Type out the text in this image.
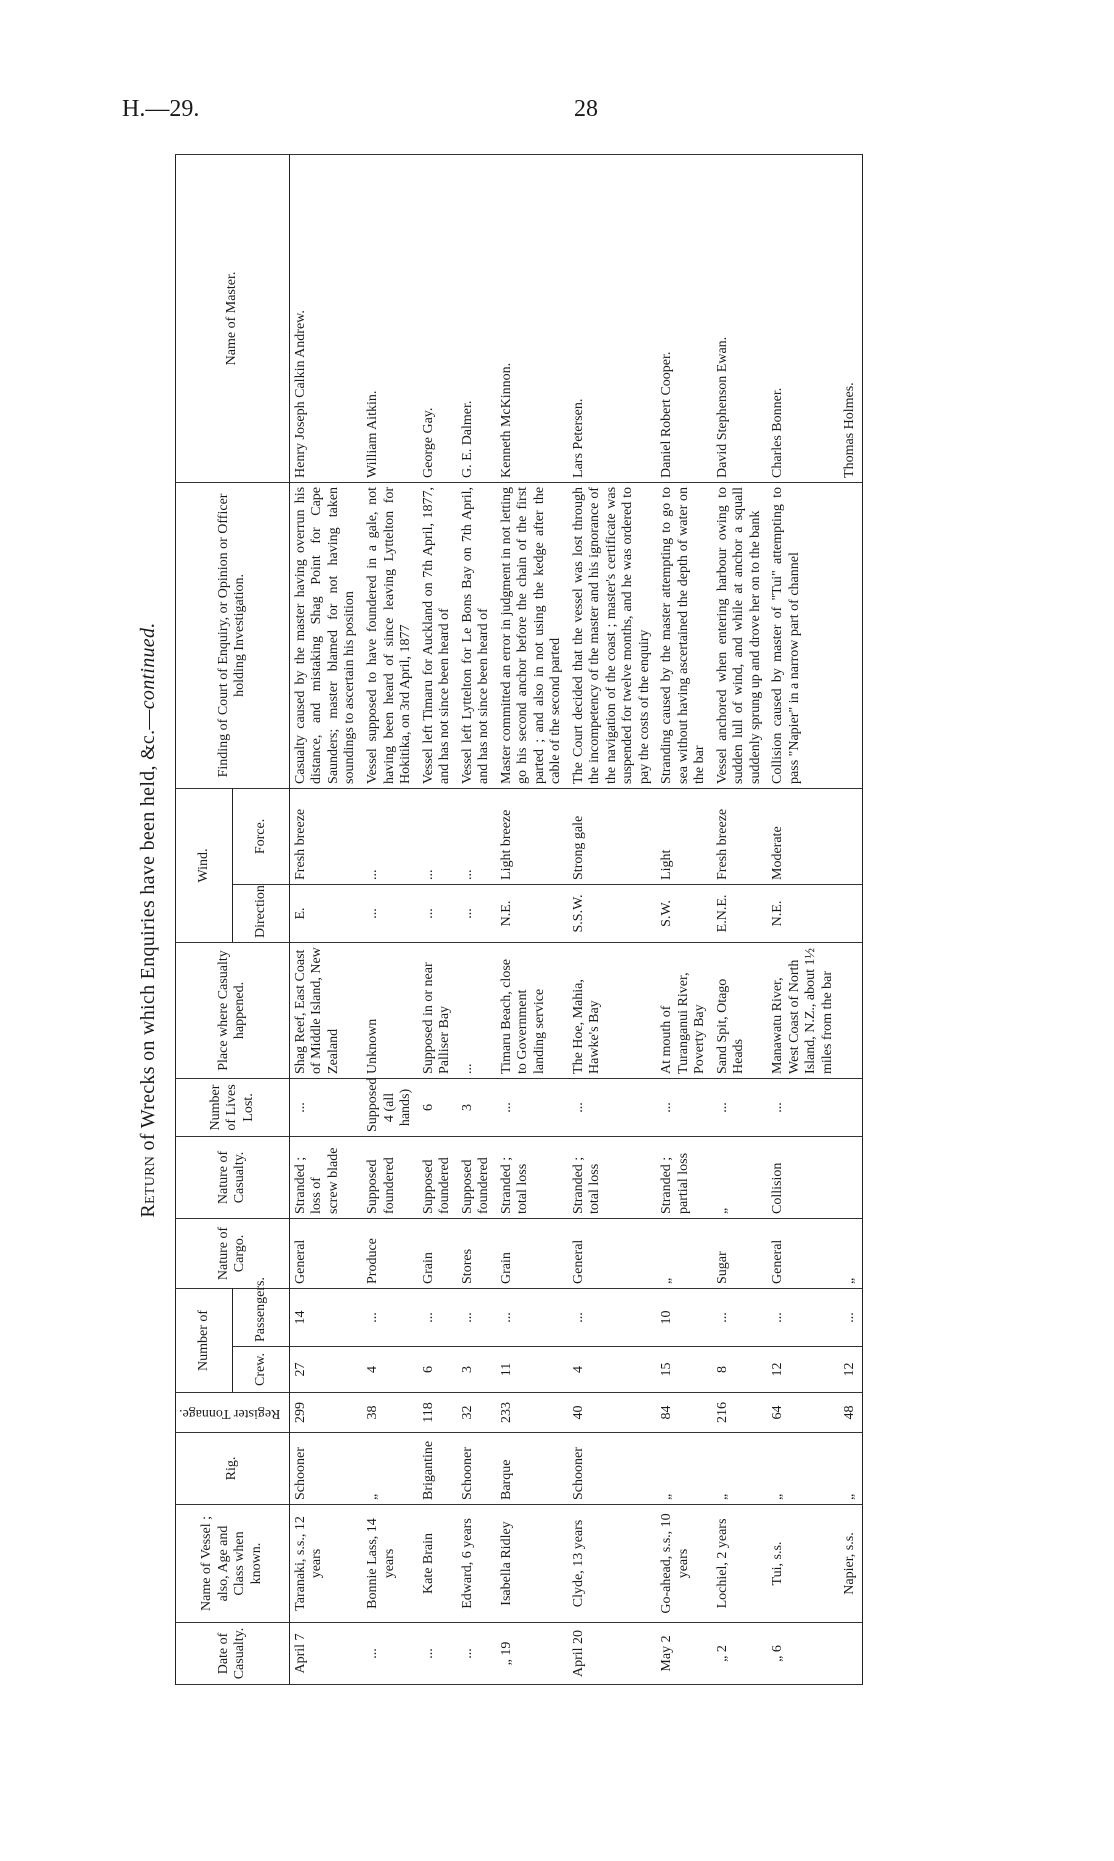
H.—29.	28
Return of Wrecks on which Enquiries have been held, &c.—continued.
Date of Casualty.	Name of Vessel ; also, Age and Class when known.	Rig.	Register Tonnage.	Number of		Nature of Cargo.	Nature of Casualty.	Number of Lives Lost.	Place where Casualty happened.	Wind.		Finding of Court of Enquiry, or Opinion or Officer holding Investigation.	Name of Master.
				Crew.	Passengers.					Direction	Force.		
April 7	Taranaki, s.s., 12 years	Schooner	299	27	14	General	Stranded ; loss of screw blade	...	Shag Reef, East Coast of Middle Island, New Zealand	E.	Fresh breeze	Casualty caused by the master having overrun his distance, and mistaking Shag Point for Cape Saunders; master blamed for not having taken soundings to ascertain his position	Henry Joseph Calkin Andrew.
...	Bonnie Lass, 14 years	„	38	4	...	Produce	Supposed foundered	Supposed 4 (all hands)	Unknown	...	...	Vessel supposed to have foundered in a gale, not having been heard of since leaving Lyttelton for Hokitika, on 3rd April, 1877	William Aitkin.
...	Kate Brain	Brigantine	118	6	...	Grain	Supposed foundered	6	Supposed in or near Palliser Bay	...	...	Vessel left Timaru for Auckland on 7th April, 1877, and has not since been heard of	George Gay.
...	Edward, 6 years	Schooner	32	3	...	Stores	Supposed foundered	3	...	...	...	Vessel left Lyttelton for Le Bons Bay on 7th April, and has not since been heard of	G. E. Dalmer.
„ 19	Isabella Ridley	Barque	233	11	...	Grain	Stranded ; total loss	...	Timaru Beach, close to Government landing service	N.E.	Light breeze	Master committed an error in judgment in not letting go his second anchor before the chain of the first parted ; and also in not using the kedge after the cable of the second parted	Kenneth McKinnon.
April 20	Clyde, 13 years	Schooner	40	4	...	General	Stranded ; total loss	...	The Hoe, Mahia, Hawke's Bay	S.S.W.	Strong gale	The Court decided that the vessel was lost through the incompetency of the master and his ignorance of the navigation of the coast ; master's certificate was suspended for twelve months, and he was ordered to pay the costs of the enquiry	Lars Petersen.
May 2	Go-ahead, s.s., 10 years	„	84	15	10	„	Stranded ; partial loss	...	At mouth of Turanganui River, Poverty Bay	S.W.	Light	Stranding caused by the master attempting to go to sea without having ascertained the depth of water on the bar	Daniel Robert Cooper.
„ 2	Lochiel, 2 years	„	216	8	...	Sugar	„	...	Sand Spit, Otago Heads	E.N.E.	Fresh breeze	Vessel anchored when entering harbour owing to sudden lull of wind, and while at anchor a squall suddenly sprung up and drove her on to the bank	David Stephenson Ewan.
„ 6	Tui, s.s.	„	64	12	...	General	Collision	...	Manawatu River, West Coast of North Island, N.Z., about 1½ miles from the bar	N.E.	Moderate	Collision caused by master of "Tui" attempting to pass "Napier" in a narrow part of channel	Charles Bonner.
	Napier, s.s.	„	48	12	...	„							Thomas Holmes.
